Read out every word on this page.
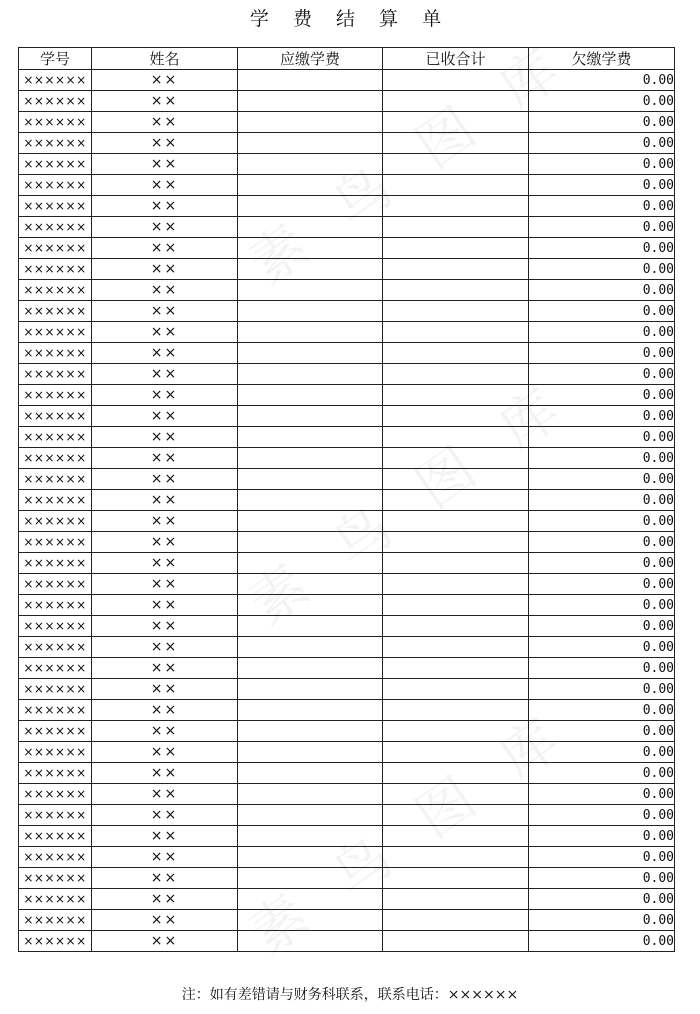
学 费 结 算 单
学号	姓名	应缴学费	已收合计	欠缴学费
××××××	××			0.00
××××××	××			0.00
××××××	××			0.00
××××××	××			0.00
××××××	××			0.00
××××××	××			0.00
××××××	××			0.00
××××××	××			0.00
××××××	××			0.00
××××××	××			0.00
××××××	××			0.00
××××××	××			0.00
××××××	××			0.00
××××××	××			0.00
××××××	××			0.00
××××××	××			0.00
××××××	××			0.00
××××××	××			0.00
××××××	××			0.00
××××××	××			0.00
××××××	××			0.00
××××××	××			0.00
××××××	××			0.00
××××××	××			0.00
××××××	××			0.00
××××××	××			0.00
××××××	××			0.00
××××××	××			0.00
××××××	××			0.00
××××××	××			0.00
××××××	××			0.00
××××××	××			0.00
××××××	××			0.00
××××××	××			0.00
××××××	××			0.00
××××××	××			0.00
××××××	××			0.00
××××××	××			0.00
××××××	××			0.00
××××××	××			0.00
××××××	××			0.00
××××××	××			0.00
注：如有差错请与财务科联系，联系电话：××××××
